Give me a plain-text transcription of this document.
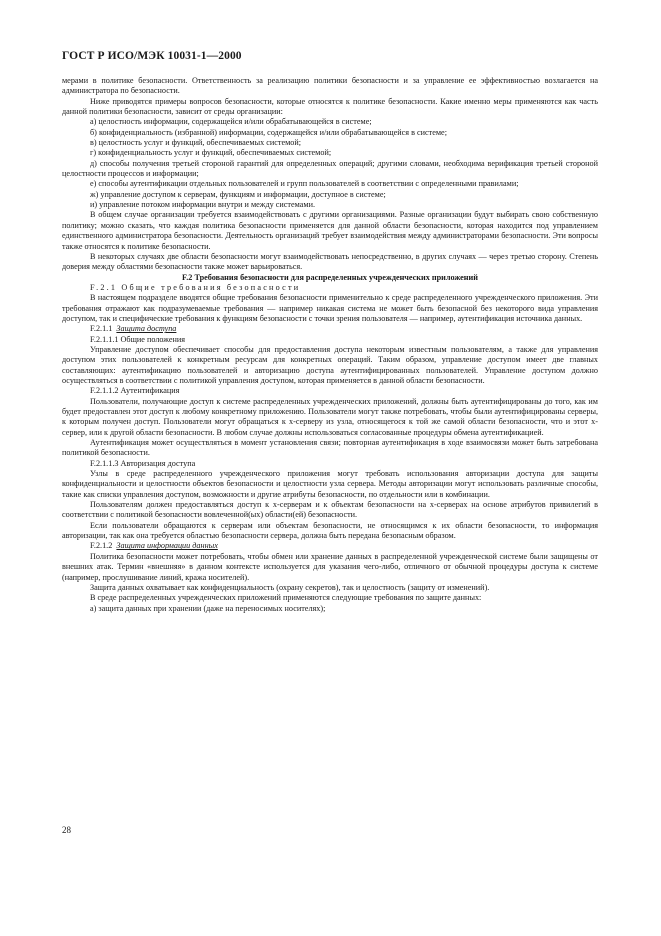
ГОСТ Р ИСО/МЭК 10031-1—2000

мерами в политике безопасности. Ответственность за реализацию политики безопасности и за управление ее эффективностью возлагается на администратора по безопасности.

Ниже приводятся примеры вопросов безопасности, которые относятся к политике безопасности. Какие именно меры применяются как часть данной политики безопасности, зависит от среды организации:

а) целостность информации, содержащейся и/или обрабатывающейся в системе;

б) конфиденциальность (избранной) информации, содержащейся и/или обрабатывающейся в системе;

в) целостность услуг и функций, обеспечиваемых системой;

г) конфиденциальность услуг и функций, обеспечиваемых системой;

д) способы получения третьей стороной гарантий для определенных операций; другими словами, необходима верификация третьей стороной целостности процессов и информации;

е) способы аутентификации отдельных пользователей и групп пользователей в соответствии с определенными правилами;

ж) управление доступом к серверам, функциям и информации, доступное в системе;

и) управление потоком информации внутри и между системами.

В общем случае организации требуется взаимодействовать с другими организациями. Разные организации будут выбирать свою собственную политику; можно сказать, что каждая политика безопасности применяется для данной области безопасности, которая находится под управлением единственного администратора безопасности. Деятельность организаций требует взаимодействия между администраторами безопасности. Эти вопросы также относятся к политике безопасности.

В некоторых случаях две области безопасности могут взаимодействовать непосредственно, в других случаях — через третью сторону. Степень доверия между областями безопасности также может варьироваться.

F.2 Требования безопасности для распределенных учрежденческих приложений

F.2.1 Общие требования безопасности

В настоящем подразделе вводятся общие требования безопасности применительно к среде распределенного учрежденческого приложения. Эти требования отражают как подразумеваемые требования — например никакая система не может быть безопасной без некоторого вида управления доступом, так и специфические требования к функциям безопасности с точки зрения пользователя — например, аутентификация источника данных.

F.2.1.1 Защита доступа

F.2.1.1.1 Общие положения

Управление доступом обеспечивает способы для предоставления доступа некоторым известным пользователям, а также для управления доступом этих пользователей к конкретным ресурсам для конкретных операций. Таким образом, управление доступом имеет две главных составляющих: аутентификацию пользователей и авторизацию доступа аутентифицированных пользователей. Управление доступом должно осуществляться в соответствии с политикой управления доступом, которая применяется в данной области безопасности.

F.2.1.1.2 Аутентификация

Пользователи, получающие доступ к системе распределенных учрежденческих приложений, должны быть аутентифицированы до того, как им будет предоставлен этот доступ к любому конкретному приложению. Пользователи могут также потребовать, чтобы были аутентифицированы серверы, к которым получен доступ. Пользователи могут обращаться к x-серверу из узла, относящегося к той же самой области безопасности, что и этот x-сервер, или к другой области безопасности. В любом случае должны использоваться согласованные процедуры обмена аутентификацией.

Аутентификация может осуществляться в момент установления связи; повторная аутентификация в ходе взаимосвязи может быть затребована политикой безопасности.

F.2.1.1.3 Авторизация доступа

Узлы в среде распределенного учрежденческого приложения могут требовать использования авторизации доступа для защиты конфиденциальности и целостности объектов безопасности и целостности узла сервера. Методы авторизации могут использовать различные способы, такие как списки управления доступом, возможности и другие атрибуты безопасности, по отдельности или в комбинации.

Пользователям должен предоставляться доступ к x-серверам и к объектам безопасности на x-серверах на основе атрибутов привилегий в соответствии с политикой безопасности вовлеченной(ых) области(ей) безопасности.

Если пользователи обращаются к серверам или объектам безопасности, не относящимся к их области безопасности, то информация авторизации, так как она требуется областью безопасности сервера, должна быть передана безопасным образом.

F.2.1.2 Защита информации данных

Политика безопасности может потребовать, чтобы обмен или хранение данных в распределенной учрежденческой системе были защищены от внешних атак. Термин «внешняя» в данном контексте используется для указания чего-либо, отличного от обычной процедуры доступа к системе (например, прослушивание линий, кража носителей).

Защита данных охватывает как конфиденциальность (охрану секретов), так и целостность (защиту от изменений).

В среде распределенных учрежденческих приложений применяются следующие требования по защите данных:

а) защита данных при хранении (даже на переносимых носителях);

28
